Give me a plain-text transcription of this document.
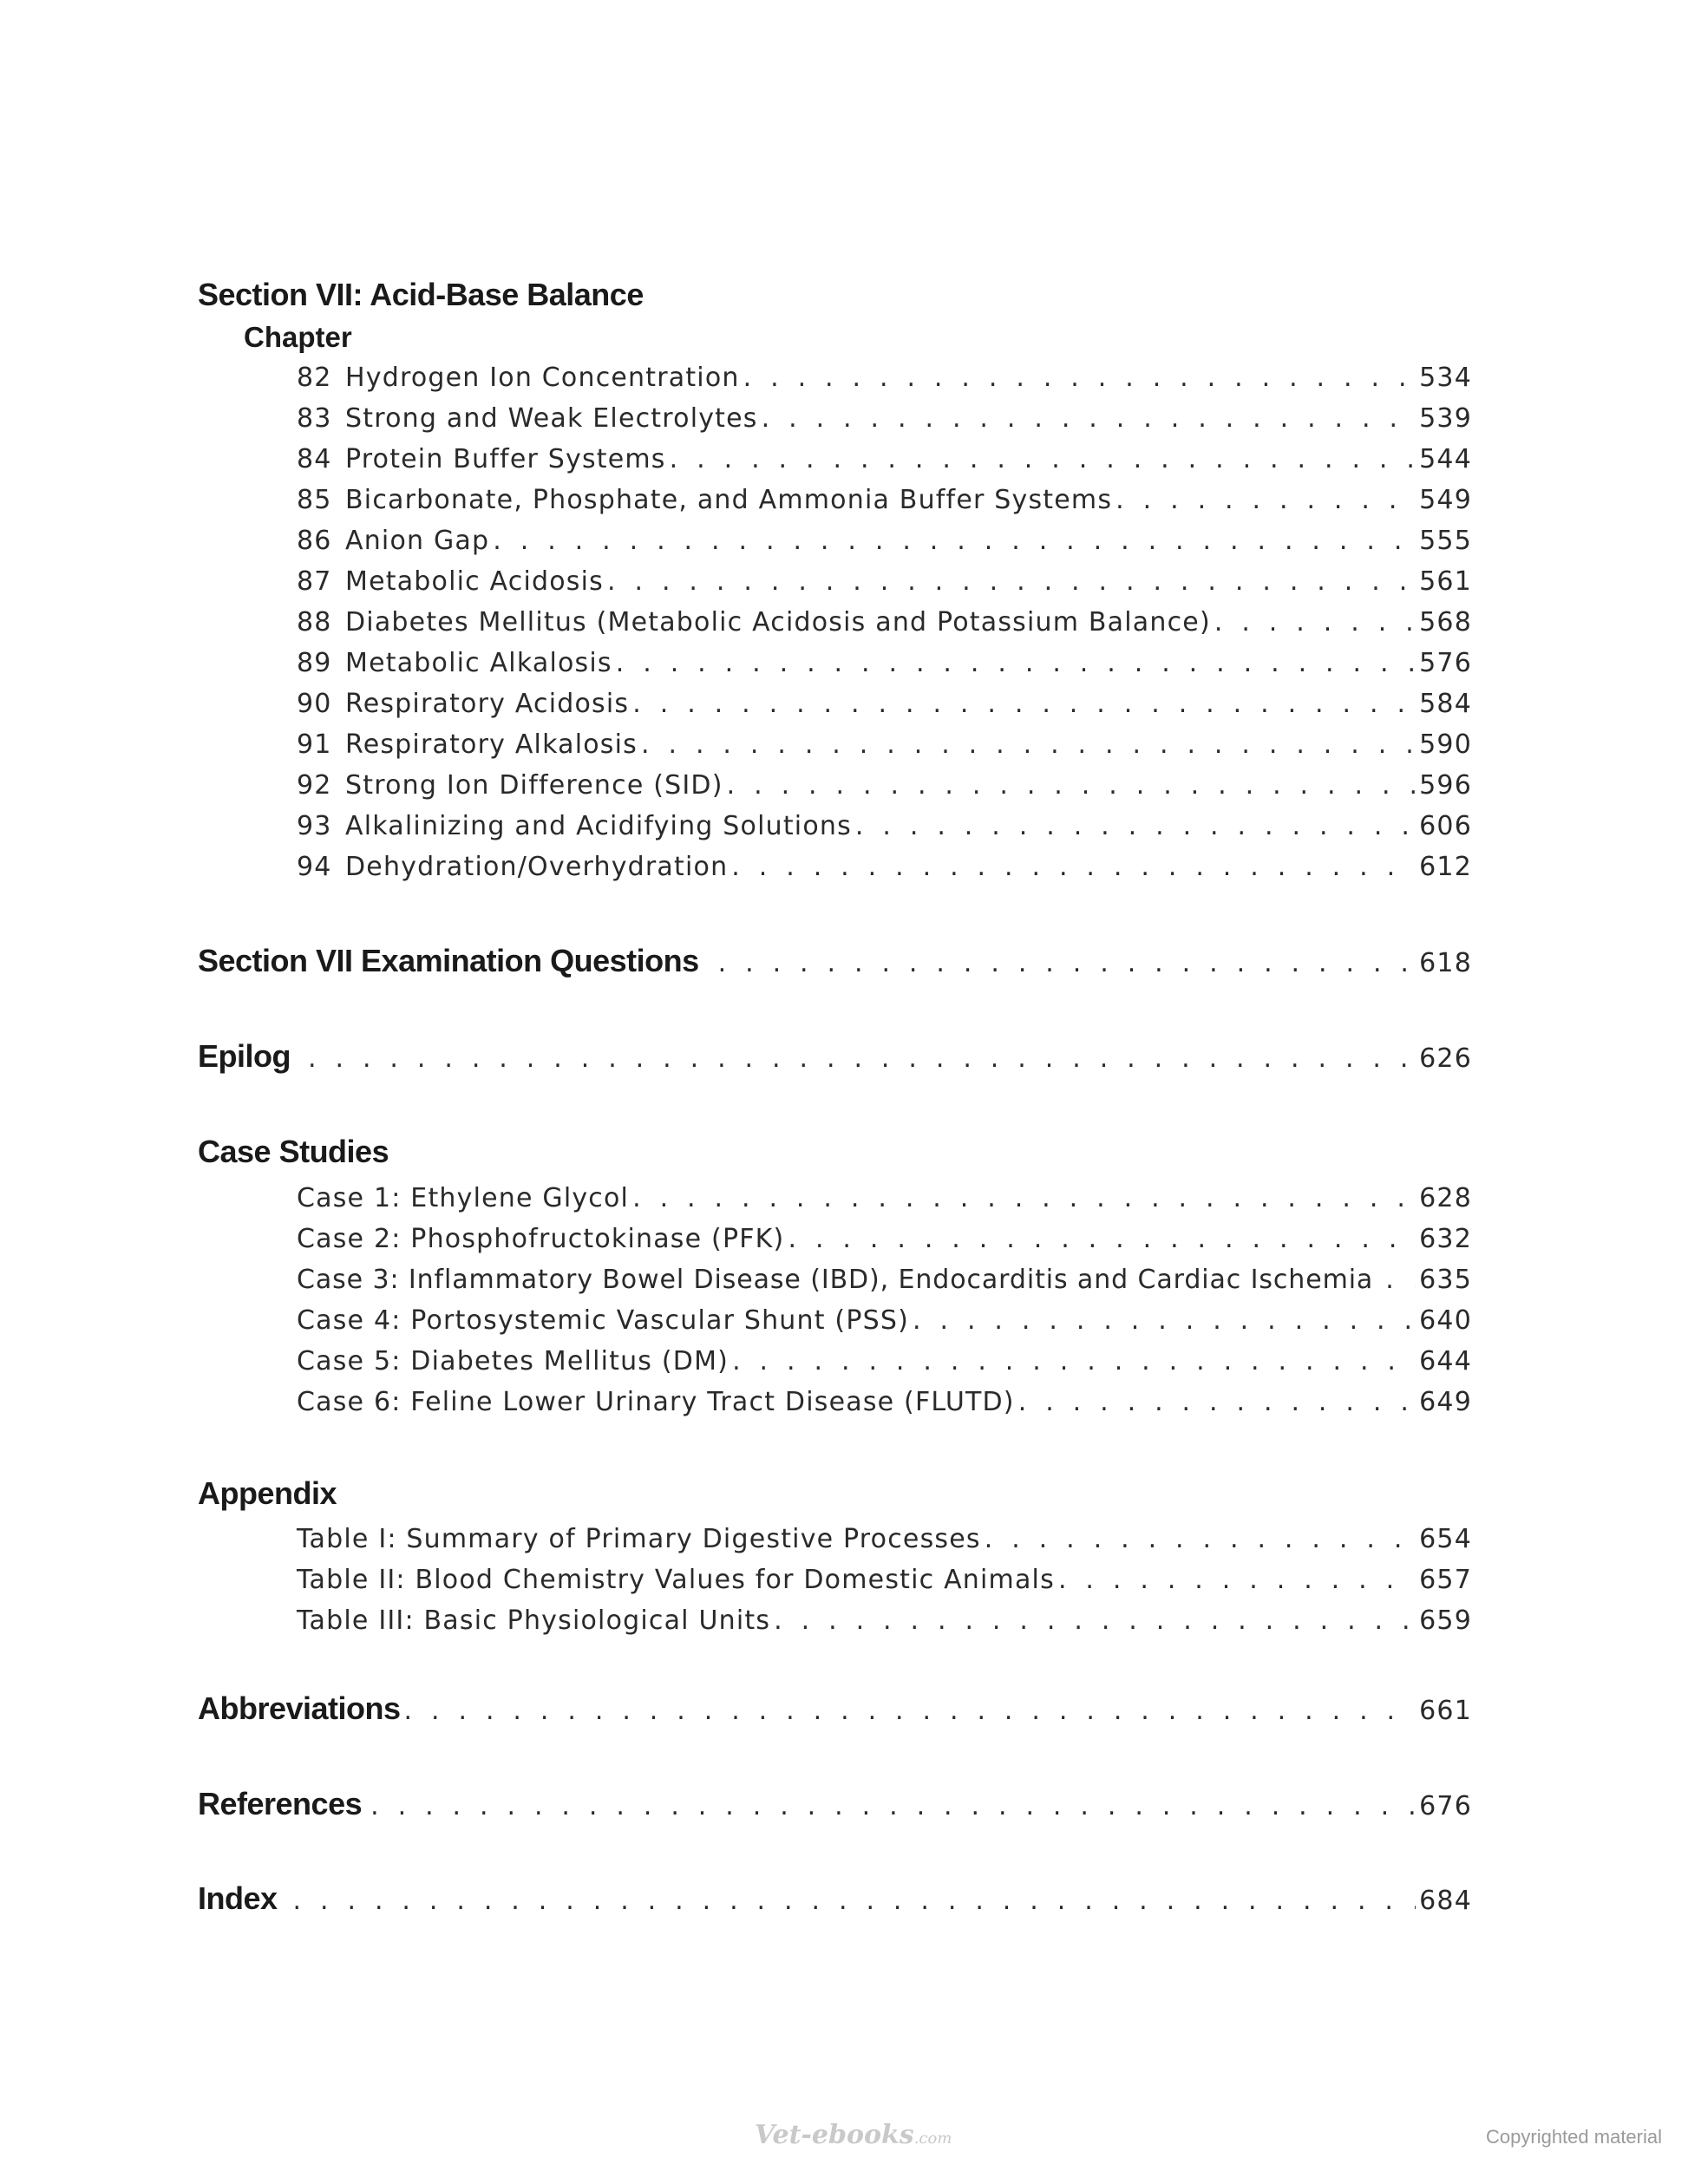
Section VII: Acid-Base Balance
Chapter
82 Hydrogen Ion Concentration . . .	534
83 Strong and Weak Electrolytes . . .	539
84 Protein Buffer Systems . . .	544
85 Bicarbonate, Phosphate, and Ammonia Buffer Systems . . .	549
86 Anion Gap . . .	555
87 Metabolic Acidosis . . .	561
88 Diabetes Mellitus (Metabolic Acidosis and Potassium Balance) . . .	568
89 Metabolic Alkalosis . . .	576
90 Respiratory Acidosis . . .	584
91 Respiratory Alkalosis . . .	590
92 Strong Ion Difference (SID) . . .	596
93 Alkalinizing and Acidifying Solutions . . .	606
94 Dehydration/Overhydration . . .	612
Section VII Examination Questions . . .	618
Epilog . . .	626
Case Studies
Case 1: Ethylene Glycol . . .	628
Case 2: Phosphofructokinase (PFK) . . .	632
Case 3: Inflammatory Bowel Disease (IBD), Endocarditis and Cardiac Ischemia . . . 635
Case 4: Portosystemic Vascular Shunt (PSS) . . .	640
Case 5: Diabetes Mellitus (DM) . . .	644
Case 6: Feline Lower Urinary Tract Disease (FLUTD) . . .	649
Appendix
Table I: Summary of Primary Digestive Processes . . .	654
Table II: Blood Chemistry Values for Domestic Animals . . .	657
Table III: Basic Physiological Units . . .	659
Abbreviations . . .	661
References . . .	676
Index . . .	684
Vet-ebooks.com	Copyrighted material
